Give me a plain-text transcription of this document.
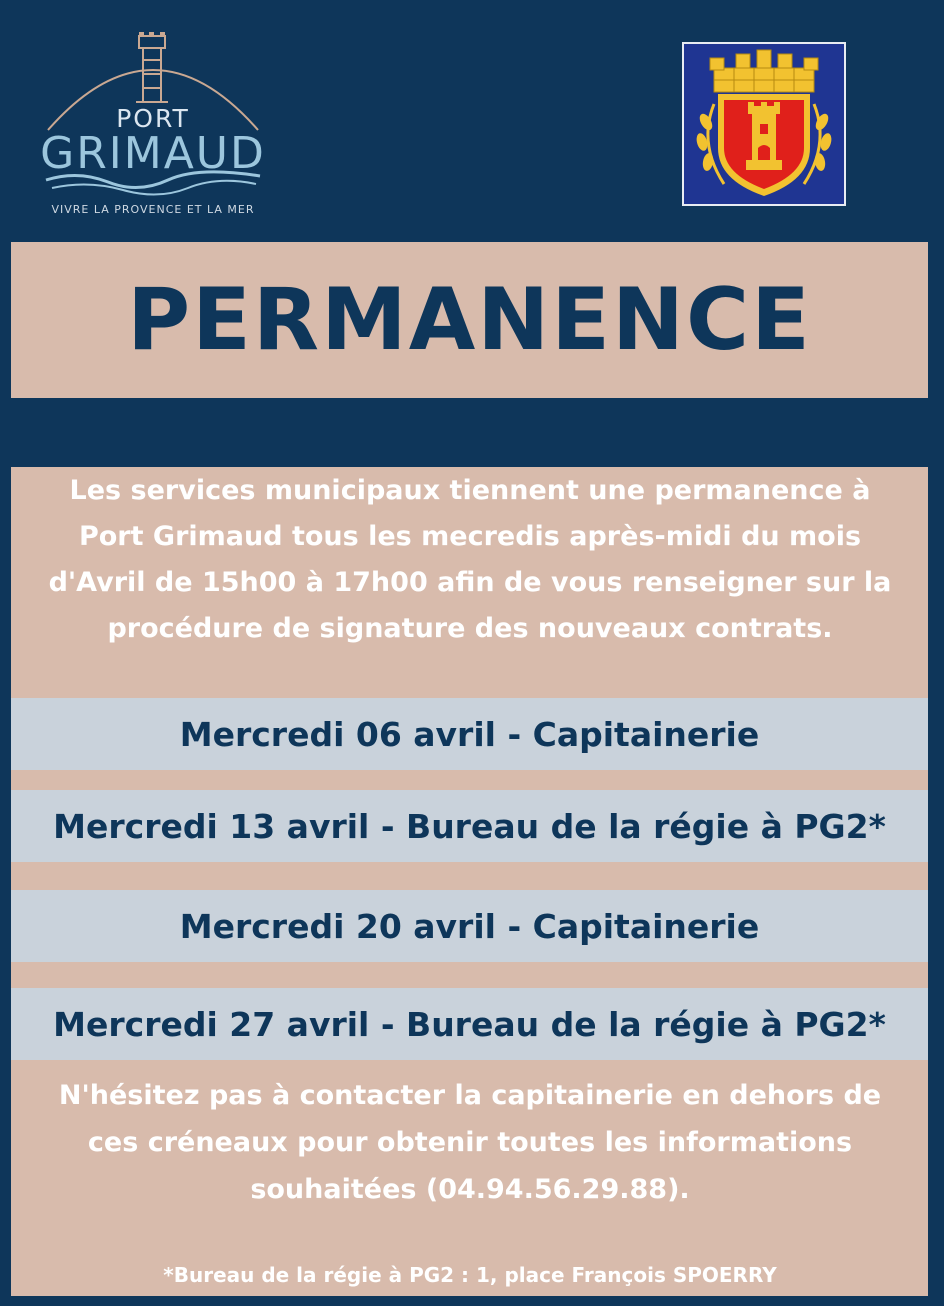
PORT
GRIMAUD
VIVRE LA PROVENCE ET LA MER
PERMANENCE
Les services municipaux tiennent une permanence à
Port Grimaud tous les mecredis après-midi du mois
d'Avril de 15h00 à 17h00 afin de vous renseigner sur la
procédure de signature des nouveaux contrats.
Mercredi 06 avril - Capitainerie
Mercredi 13 avril - Bureau de la régie à PG2*
Mercredi 20 avril - Capitainerie
Mercredi 27 avril - Bureau de la régie à PG2*
N'hésitez pas à contacter la capitainerie en dehors de
ces créneaux pour obtenir toutes les informations
souhaitées (04.94.56.29.88).
*Bureau de la régie à PG2 : 1, place François SPOERRY
